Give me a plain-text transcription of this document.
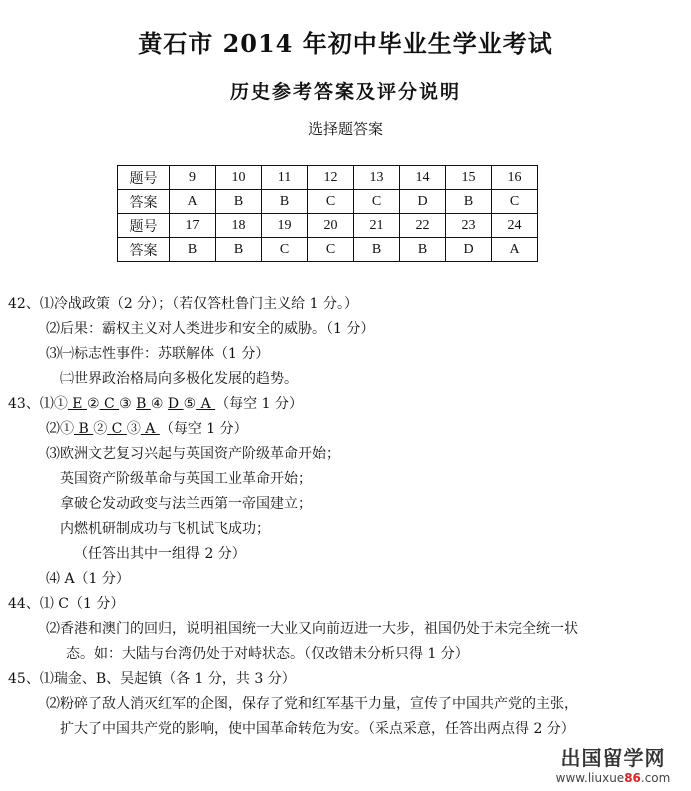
黄石市 2014 年初中毕业生学业考试
历史参考答案及评分说明
选择题答案
题号	9	10	11	12	13	14	15	16
答案	A	B	B	C	C	D	B	C
题号	17	18	19	20	21	22	23	24
答案	B	B	C	C	B	B	D	A
42、⑴冷战政策（2 分）；（若仅答杜鲁门主义给 1 分。）
⑵后果：霸权主义对人类进步和安全的威胁。（1 分）
⑶㈠标志性事件：苏联解体（1 分）
㈡世界政治格局向多极化发展的趋势。
43、⑴① E ② C ③ B ④ D ⑤ A （每空 1 分）
⑵① B ② C ③ A （每空 1 分）
⑶欧洲文艺复习兴起与英国资产阶级革命开始；
英国资产阶级革命与英国工业革命开始；
拿破仑发动政变与法兰西第一帝国建立；
内燃机研制成功与飞机试飞成功；
（任答出其中一组得 2 分）
⑷ A（1 分）
44、⑴ C（1 分）
⑵香港和澳门的回归，说明祖国统一大业又向前迈进一大步，祖国仍处于未完全统一状
态。如：大陆与台湾仍处于对峙状态。（仅改错未分析只得 1 分）
45、⑴瑞金、B、吴起镇（各 1 分，共 3 分）
⑵粉碎了敌人消灭红军的企图，保存了党和红军基干力量，宣传了中国共产党的主张，
扩大了中国共产党的影响，使中国革命转危为安。（采点采意，任答出两点得 2 分）
出国留学网
www.liuxue86.com
